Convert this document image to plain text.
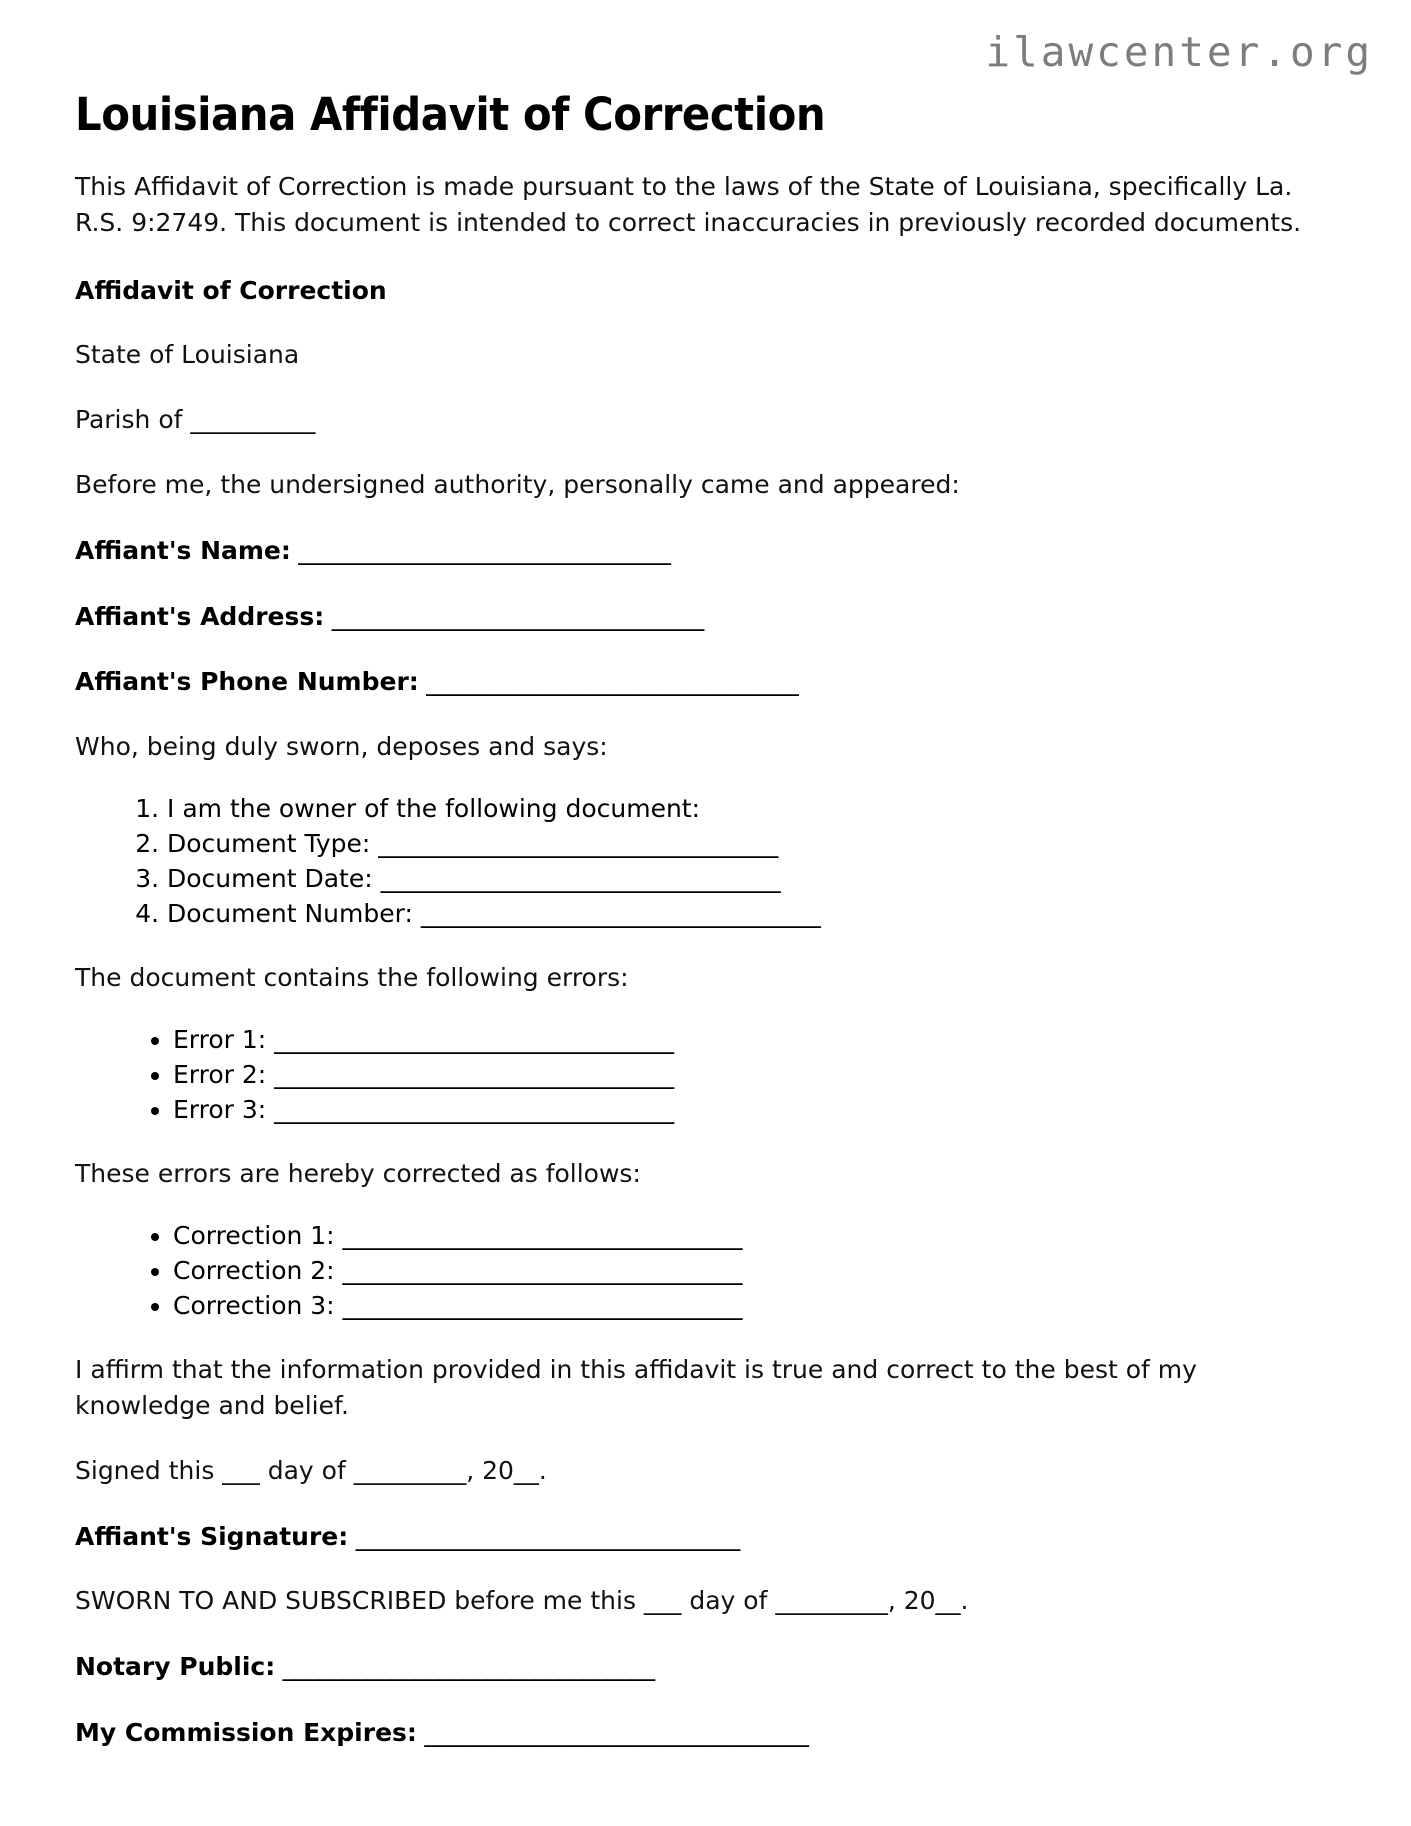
ilawcenter.org
Louisiana Affidavit of Correction

This Affidavit of Correction is made pursuant to the laws of the State of Louisiana, specifically La. R.S. 9:2749. This document is intended to correct inaccuracies in previously recorded documents.

Affidavit of Correction

State of Louisiana

Parish of __________

Before me, the undersigned authority, personally came and appeared:

Affiant's Name: _______________________________

Affiant's Address: _______________________________

Affiant's Phone Number: _______________________________

Who, being duly sworn, deposes and says:

1. I am the owner of the following document:
2. Document Type: ________________________________
3. Document Date: ________________________________
4. Document Number: ________________________________

The document contains the following errors:

• Error 1: ________________________________
• Error 2: ________________________________
• Error 3: ________________________________

These errors are hereby corrected as follows:

• Correction 1: ________________________________
• Correction 2: ________________________________
• Correction 3: ________________________________

I affirm that the information provided in this affidavit is true and correct to the best of my knowledge and belief.

Signed this ___ day of _________, 20__.

Affiant's Signature: ________________________________

SWORN TO AND SUBSCRIBED before me this ___ day of _________, 20__.

Notary Public: _______________________________

My Commission Expires: ________________________________
